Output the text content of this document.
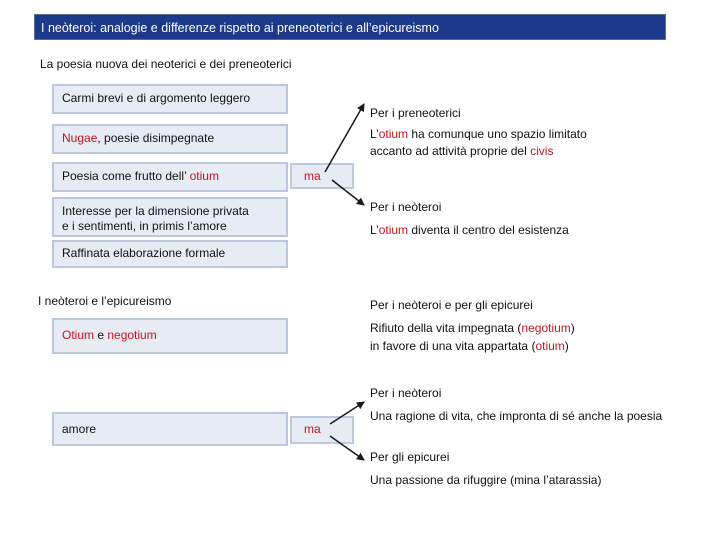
I neòteroi: analogie e differenze rispetto ai preneoterici e all’epicureismo
La poesia nuova dei neoterici e dei preneoterici
Carmi brevi e di argomento leggero
Nugae, poesie disimpegnate
Poesia come frutto dell’ otium
Interesse per la dimensione privata
e i sentimenti, in primis l’amore
Raffinata elaborazione formale
ma
Per i preneoterici
L’otium ha comunque uno spazio limitato
accanto ad attività proprie del civis
Per i neòteroi
L’otium diventa il centro del esistenza
I neòteroi e l’epicureismo
Otium e negotium
Per i neòteroi e per gli epicurei
Rifiuto della vita impegnata (negotium)
in favore di una vita appartata (otium)
amore	ma
Per i neòteroi
Una ragione di vita, che impronta di sé anche la poesia
Per gli epicurei
Una passione da rifuggire (mina l’atarassia)
